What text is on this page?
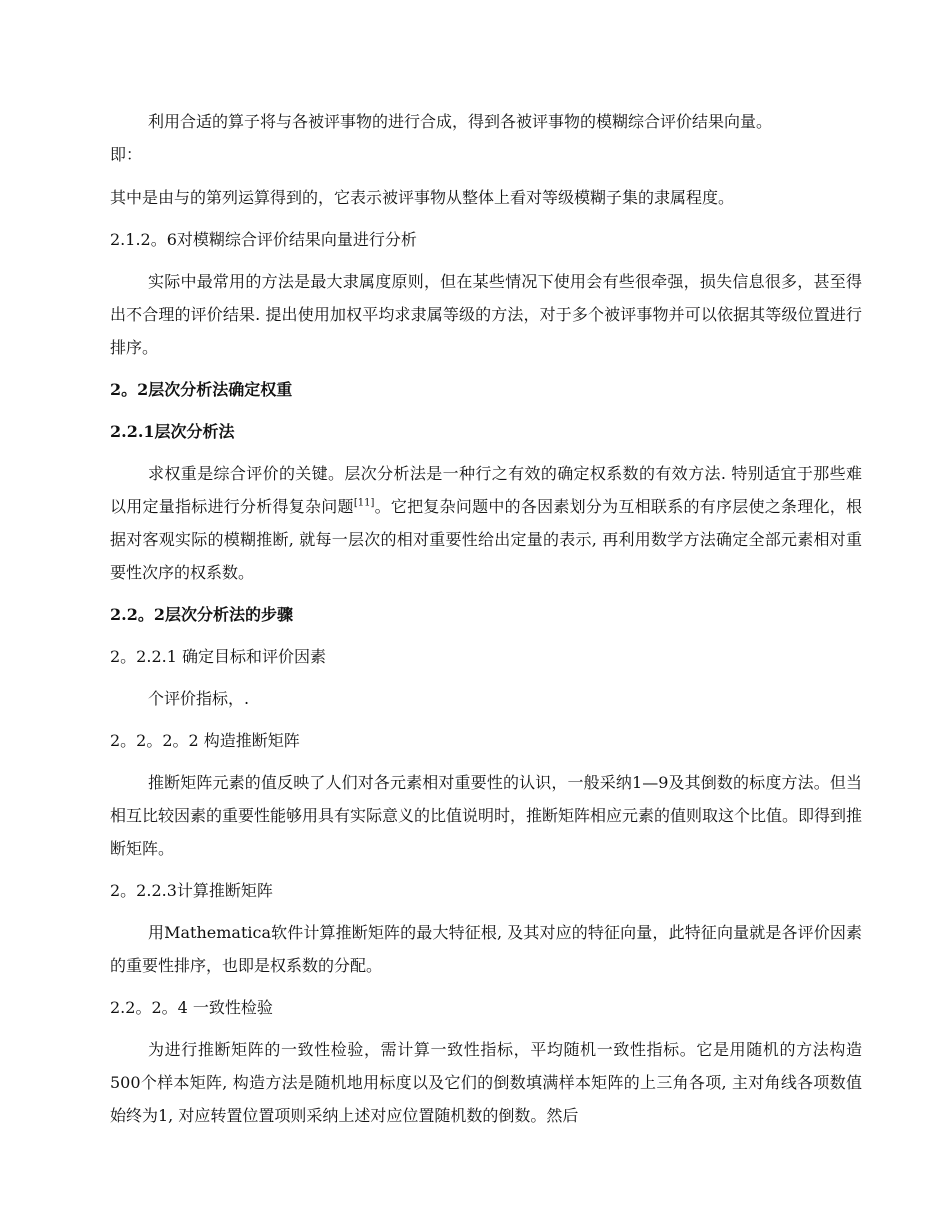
利用合适的算子将与各被评事物的进行合成，得到各被评事物的模糊综合评价结果向量。

即：

其中是由与的第列运算得到的，它表示被评事物从整体上看对等级模糊子集的隶属程度。

2.1.2。6对模糊综合评价结果向量进行分析

实际中最常用的方法是最大隶属度原则，但在某些情况下使用会有些很牵强，损失信息很多，甚至得出不合理的评价结果. 提出使用加权平均求隶属等级的方法，对于多个被评事物并可以依据其等级位置进行排序。

2。2层次分析法确定权重

2.2.1层次分析法

求权重是综合评价的关键。层次分析法是一种行之有效的确定权系数的有效方法. 特别适宜于那些难以用定量指标进行分析得复杂问题[11]。它把复杂问题中的各因素划分为互相联系的有序层使之条理化，根据对客观实际的模糊推断, 就每一层次的相对重要性给出定量的表示, 再利用数学方法确定全部元素相对重要性次序的权系数。

2.2。2层次分析法的步骤

2。2.2.1 确定目标和评价因素

个评价指标，.

2。2。2。2 构造推断矩阵

推断矩阵元素的值反映了人们对各元素相对重要性的认识，一般采纳1—9及其倒数的标度方法。但当相互比较因素的重要性能够用具有实际意义的比值说明时，推断矩阵相应元素的值则取这个比值。即得到推断矩阵。

2。2.2.3计算推断矩阵

用Mathematica软件计算推断矩阵的最大特征根, 及其对应的特征向量，此特征向量就是各评价因素的重要性排序，也即是权系数的分配。

2.2。2。4 一致性检验

为进行推断矩阵的一致性检验，需计算一致性指标，平均随机一致性指标。它是用随机的方法构造500个样本矩阵, 构造方法是随机地用标度以及它们的倒数填满样本矩阵的上三角各项, 主对角线各项数值始终为1, 对应转置位置项则采纳上述对应位置随机数的倒数。然后
